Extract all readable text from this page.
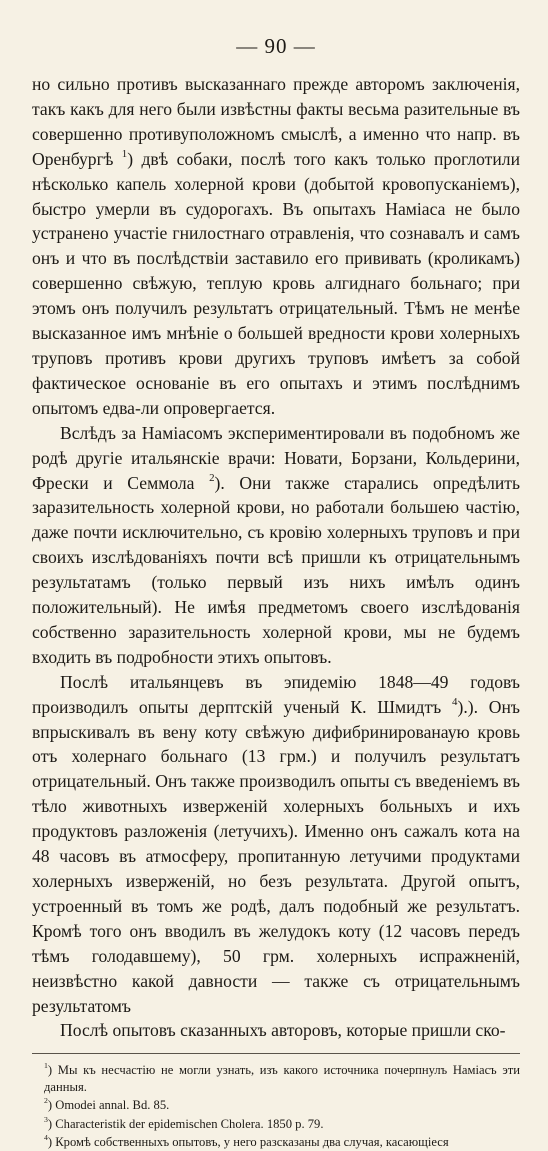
— 90 —

но сильно противъ высказаннаго прежде авторомъ заключенія, такъ какъ для него были извѣстны факты весьма разительные въ совершенно противуположномъ смыслѣ, а именно что напр. въ Оренбургѣ $^1$) двѣ собаки, послѣ того какъ только проглотили нѣсколько капель холерной крови (добытой кровопусканіемъ), быстро умерли въ судорогахъ. Въ опытахъ Наміаса не было устранено участіе гнилостнаго отравленія, что сознавалъ и самъ онъ и что въ послѣдствіи заставило его прививать (кроликамъ) совершенно свѣжую, теплую кровь алгиднаго больнаго; при этомъ онъ получилъ результатъ отрицательный. Тѣмъ не менѣе высказанное имъ мнѣніе о большей вредности крови холерныхъ труповъ противъ крови другихъ труповъ имѣетъ за собой фактическое основаніе въ его опытахъ и этимъ послѣднимъ опытомъ едва-ли опровергается.

Вслѣдъ за Наміасомъ экспериментировали въ подобномъ же родѣ другіе итальянскіе врачи: Новати, Борзани, Кольдерини, Фрески и Семмола $^2$). Они также старались опредѣлить заразительность холерной крови, но работали большею частію, даже почти исключительно, съ кровію холерныхъ труповъ и при своихъ изслѣдованіяхъ почти всѣ пришли къ отрицательнымъ результатамъ (только первый изъ нихъ имѣлъ одинъ положительный). Не имѣя предметомъ своего изслѣдованія собственно заразительность холерной крови, мы не будемъ входить въ подробности этихъ опытовъ.

Послѣ итальянцевъ въ эпидемію 1848—49 годовъ производилъ опыты дерптскій ученый К. Шмидтъ $^4$).). Онъ впрыскивалъ въ вену коту свѣжую дифибринированаую кровь отъ холернаго больнаго (13 грм.) и получилъ результатъ отрицательный. Онъ также производилъ опыты съ введеніемъ въ тѣло животныхъ изверженій холерныхъ больныхъ и ихъ продуктовъ разложенія (летучихъ). Именно онъ сажалъ кота на 48 часовъ въ атмосферу, пропитанную летучими продуктами холерныхъ изверженій, но безъ результата. Другой опытъ, устроенный въ томъ же родѣ, далъ подобный же результатъ. Кромѣ того онъ вводилъ въ желудокъ коту (12 часовъ передъ тѣмъ голодавшему), 50 грм. холерныхъ испражненій, неизвѣстно какой давности — также съ отрицательнымъ результатомъ

Послѣ опытовъ сказанныхъ авторовъ, которые пришли ско-

$^1$) Мы къ несчастію не могли узнать, изъ какого источника почерпнулъ Наміасъ эти данныя.

$^2$) Omodei annal. Bd. 85.

$^3$) Characteristik der epidemischen Cholera. 1850 p. 79.

$^4$) Кромѣ собственныхъ опытовъ, у него разсказаны два случая, касающіеся
